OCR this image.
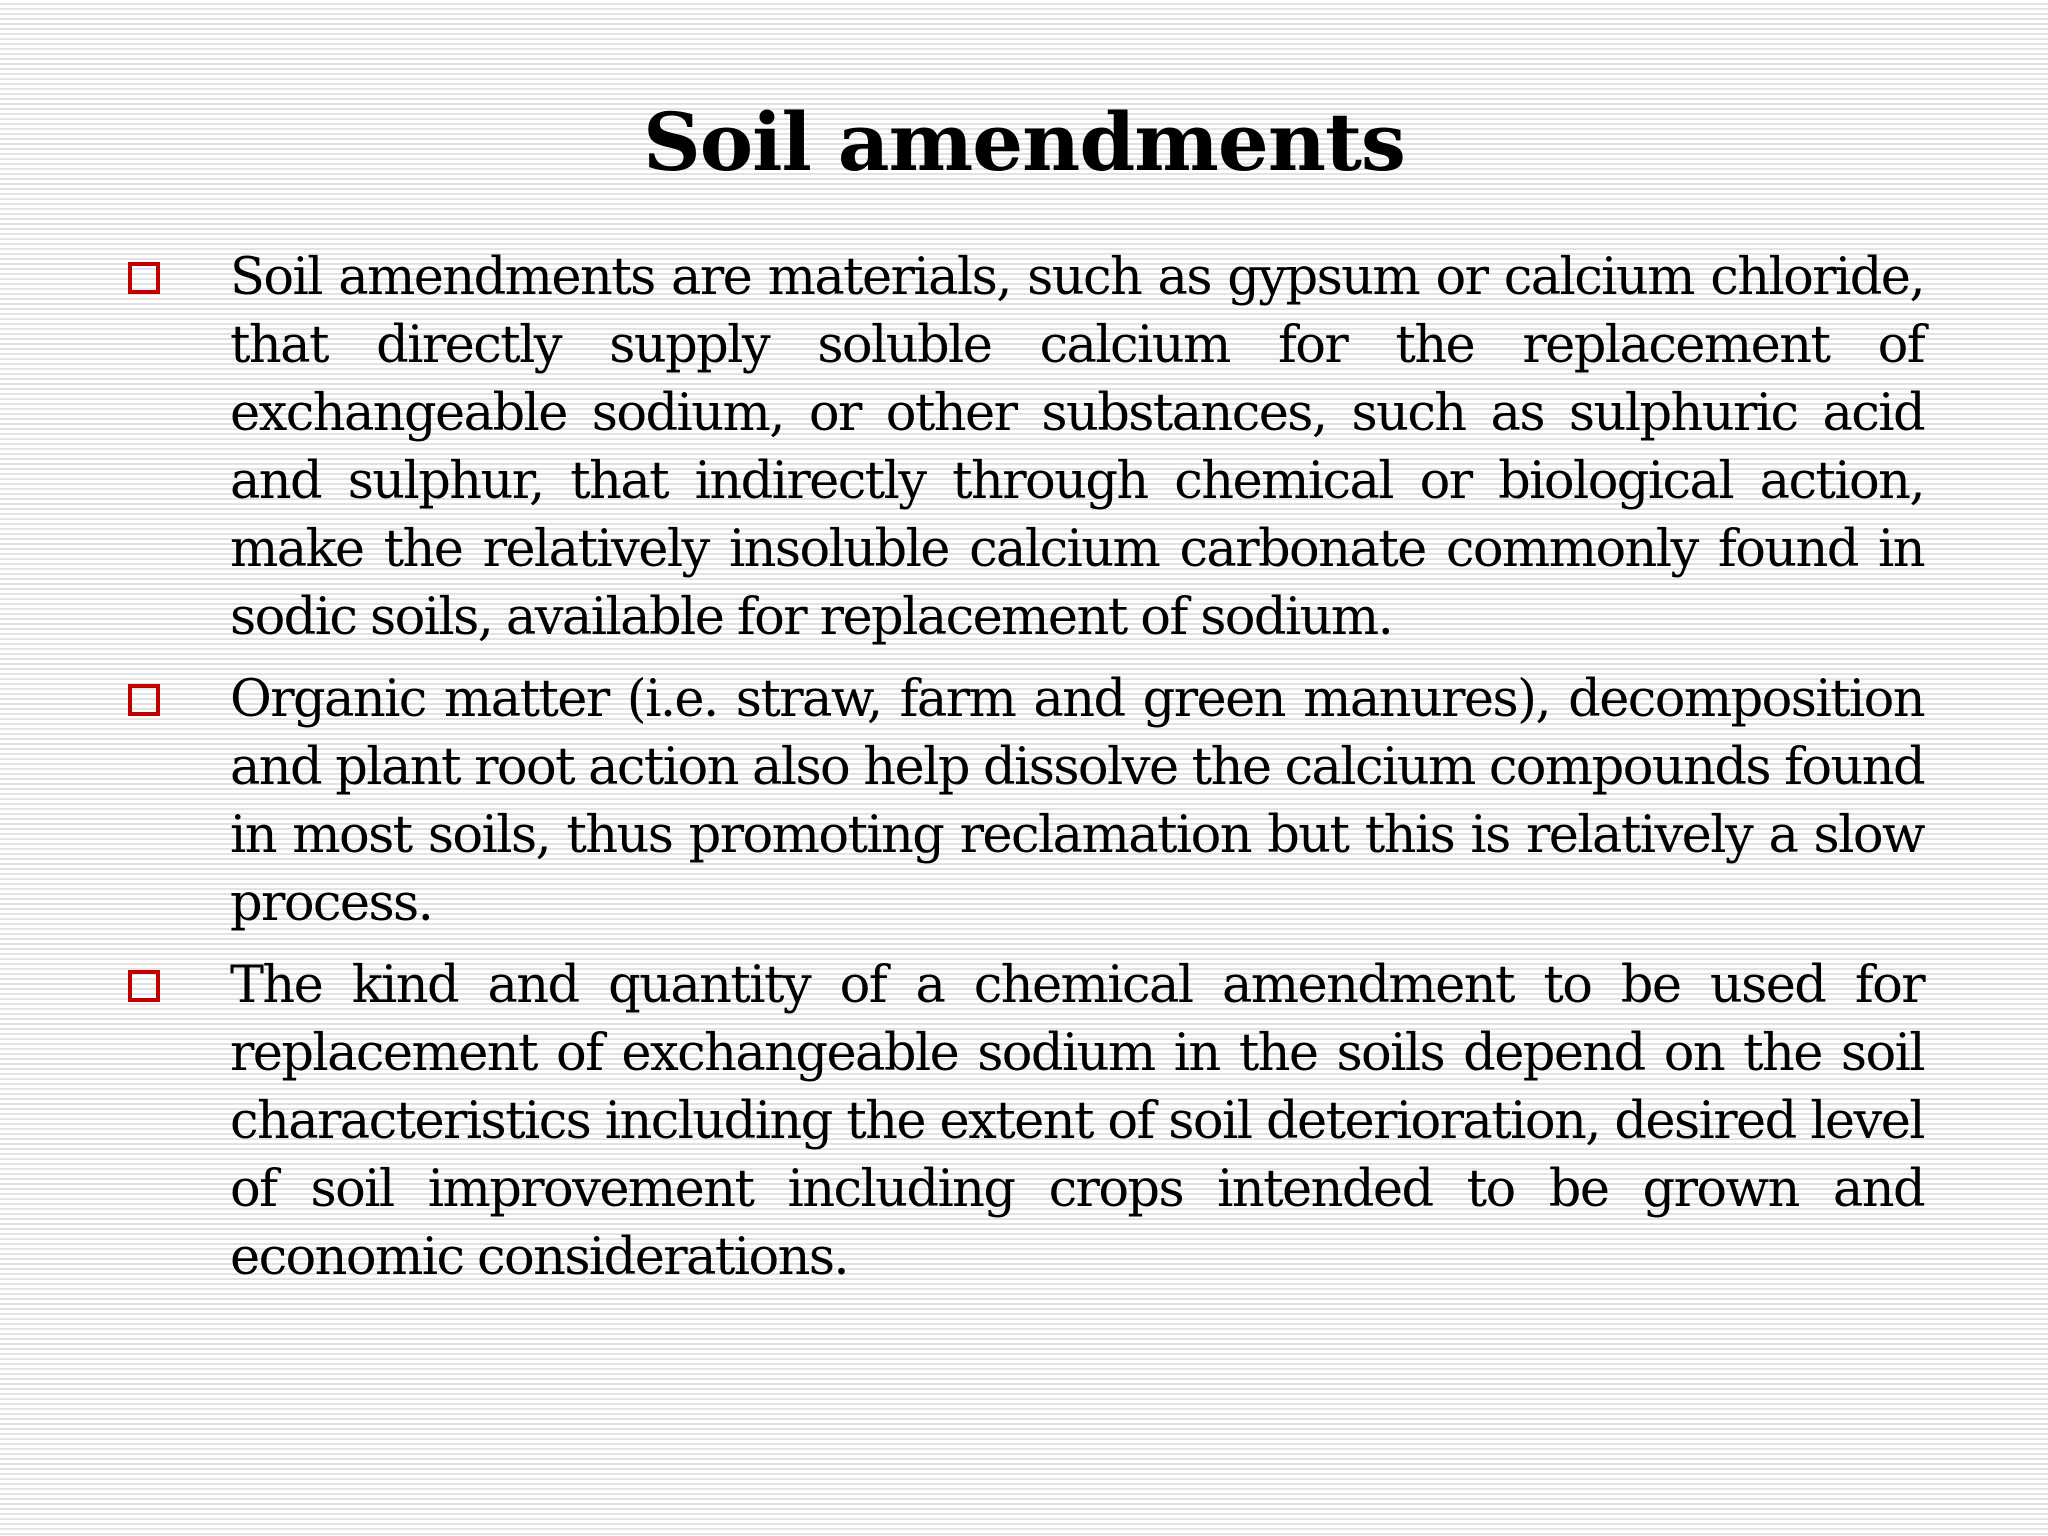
Soil amendments
Soil amendments are materials, such as gypsum or calcium chloride, that directly supply soluble calcium for the replacement of exchangeable sodium, or other substances, such as sulphuric acid and sulphur, that indirectly through chemical or biological action, make the relatively insoluble calcium carbonate commonly found in sodic soils, available for replacement of sodium.
Organic matter (i.e. straw, farm and green manures), decomposition and plant root action also help dissolve the calcium compounds found in most soils, thus promoting reclamation but this is relatively a slow process.
The kind and quantity of a chemical amendment to be used for replacement of exchangeable sodium in the soils depend on the soil characteristics including the extent of soil deterioration, desired level of soil improvement including crops intended to be grown and economic considerations.
